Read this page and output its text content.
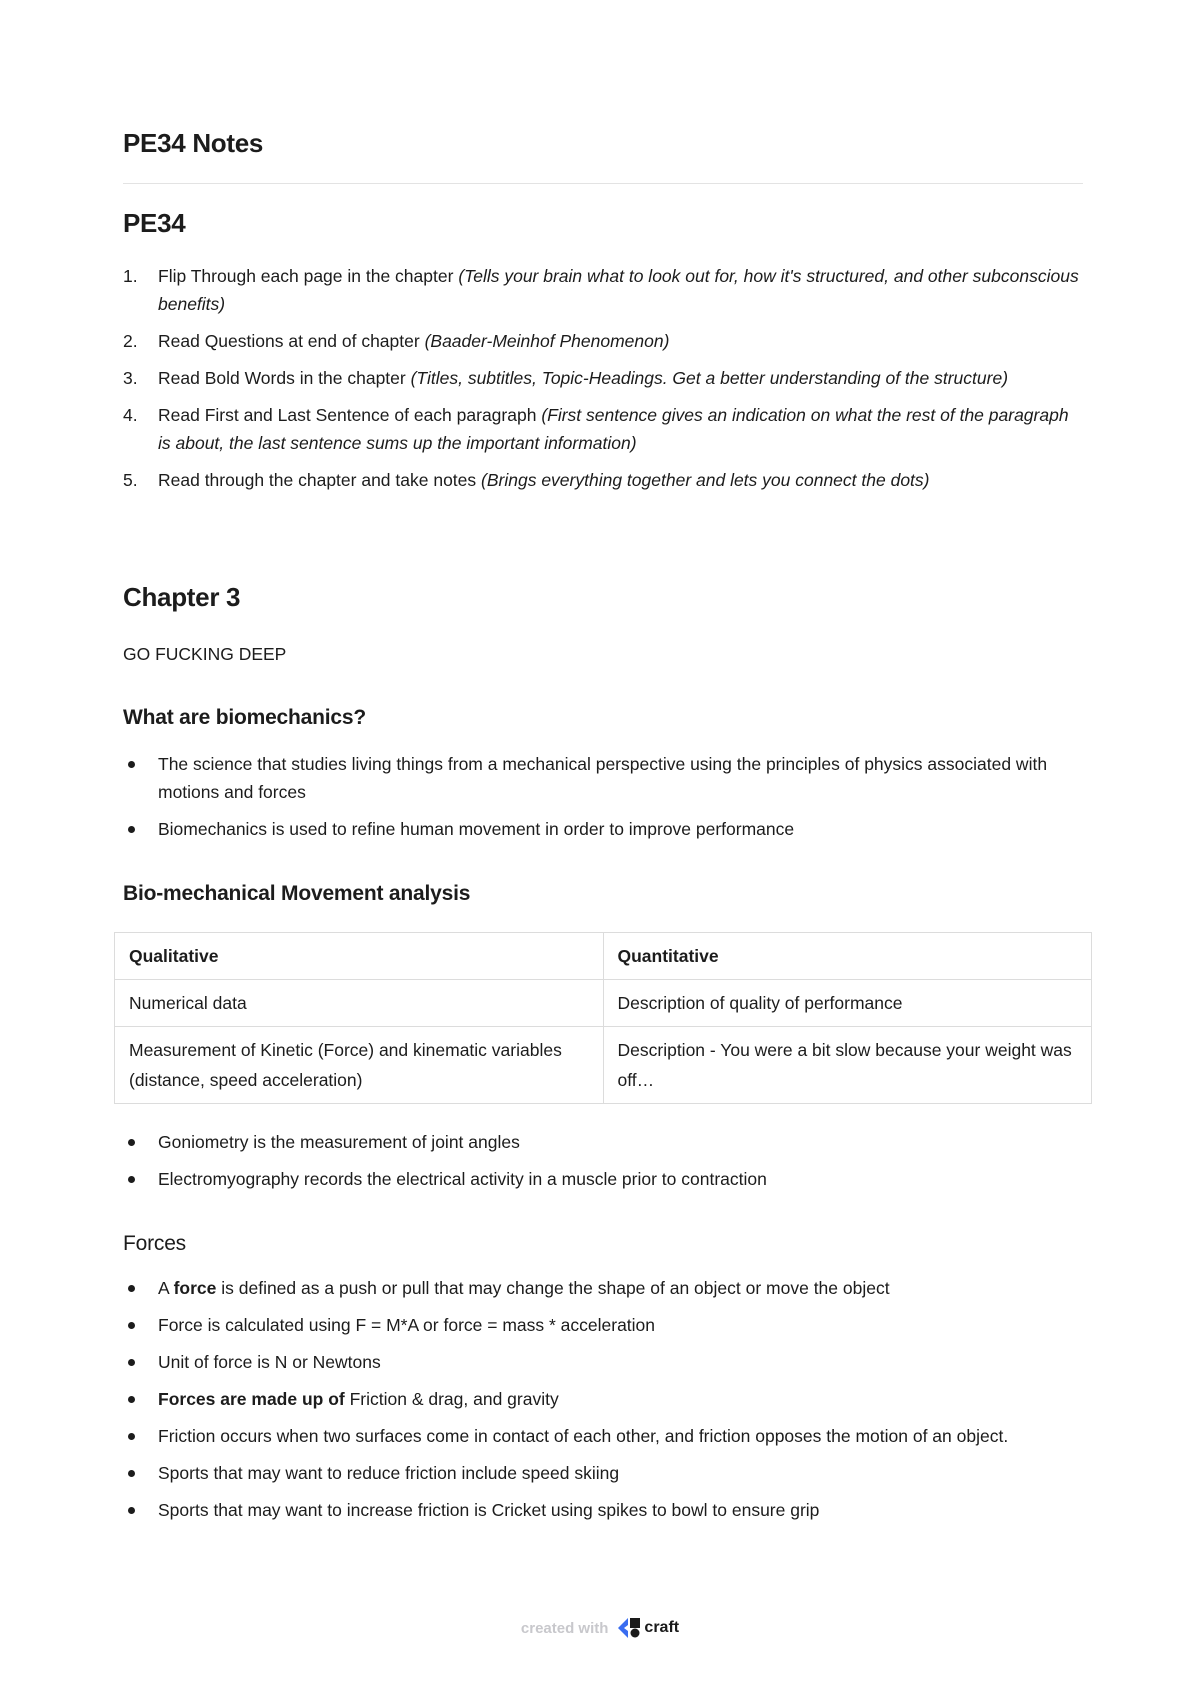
PE34 Notes
PE34
1. Flip Through each page in the chapter (Tells your brain what to look out for, how it's structured, and other subconscious benefits)
2. Read Questions at end of chapter (Baader-Meinhof Phenomenon)
3. Read Bold Words in the chapter (Titles, subtitles, Topic-Headings. Get a better understanding of the structure)
4. Read First and Last Sentence of each paragraph (First sentence gives an indication on what the rest of the paragraph is about, the last sentence sums up the important information)
5. Read through the chapter and take notes (Brings everything together and lets you connect the dots)
Chapter 3

GO FUCKING DEEP

What are biomechanics?
The science that studies living things from a mechanical perspective using the principles of physics associated with motions and forces
Biomechanics is used to refine human movement in order to improve performance
Bio-mechanical Movement analysis
Qualitative	Quantitative
Numerical data	Description of quality of performance
Measurement of Kinetic (Force) and kinematic variables (distance, speed acceleration)	Description - You were a bit slow because your weight was off…
Goniometry is the measurement of joint angles
Electromyography records the electrical activity in a muscle prior to contraction
Forces
A force is defined as a push or pull that may change the shape of an object or move the object
Force is calculated using F = M*A or force = mass * acceleration
Unit of force is N or Newtons
Forces are made up of Friction & drag, and gravity
Friction occurs when two surfaces come in contact of each other, and friction opposes the motion of an object.
Sports that may want to reduce friction include speed skiing
Sports that may want to increase friction is Cricket using spikes to bowl to ensure grip
created with craft
